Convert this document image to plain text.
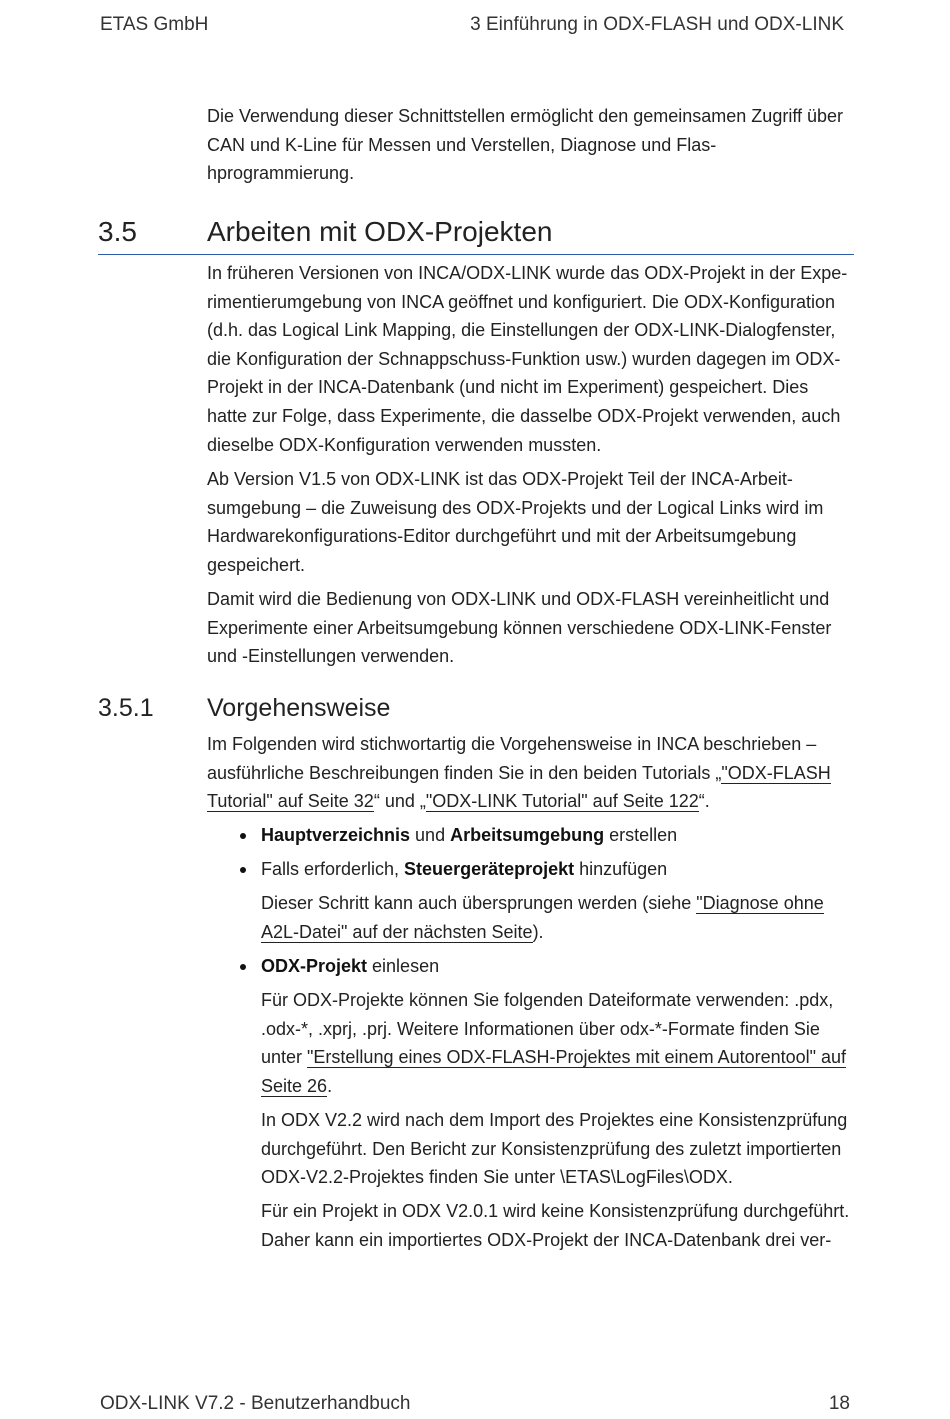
ETAS GmbH	3 Einführung in ODX-FLASH und ODX-LINK

Die Verwendung dieser Schnittstellen ermöglicht den gemeinsamen Zugriff über
CAN und K-Line für Messen und Verstellen, Diagnose und Flas-
hprogrammierung.

3.5	Arbeiten mit ODX-Projekten

In früheren Versionen von INCA/ODX-LINK wurde das ODX-Projekt in der Expe-
rimentierumgebung von INCA geöffnet und konfiguriert. Die ODX-Konfiguration
(d.h. das Logical Link Mapping, die Einstellungen der ODX-LINK-Dialogfenster,
die Konfiguration der Schnappschuss-Funktion usw.) wurden dagegen im ODX-
Projekt in der INCA-Datenbank (und nicht im Experiment) gespeichert. Dies
hatte zur Folge, dass Experimente, die dasselbe ODX-Projekt verwenden, auch
dieselbe ODX-Konfiguration verwenden mussten.

Ab Version V1.5 von ODX-LINK ist das ODX-Projekt Teil der INCA-Arbeit-
sumgebung – die Zuweisung des ODX-Projekts und der Logical Links wird im
Hardwarekonfigurations-Editor durchgeführt und mit der Arbeitsumgebung
gespeichert.

Damit wird die Bedienung von ODX-LINK und ODX-FLASH vereinheitlicht und
Experimente einer Arbeitsumgebung können verschiedene ODX-LINK-Fenster
und -Einstellungen verwenden.

3.5.1 Vorgehensweise

Im Folgenden wird stichwortartig die Vorgehensweise in INCA beschrieben –
ausführliche Beschreibungen finden Sie in den beiden Tutorials „"ODX-FLASH
Tutorial" auf Seite 32“ und „"ODX-LINK Tutorial" auf Seite 122“.

Hauptverzeichnis und Arbeitsumgebung erstellen
Falls erforderlich, Steuergeräteprojekt hinzufügen

Dieser Schritt kann auch übersprungen werden (siehe "Diagnose ohne
A2L-Datei" auf der nächsten Seite).

ODX-Projekt einlesen

Für ODX-Projekte können Sie folgenden Dateiformate verwenden: .pdx,
.odx-*, .xprj, .prj. Weitere Informationen über odx-*-Formate finden Sie
unter "Erstellung eines ODX-FLASH-Projektes mit einem Autorentool" auf
Seite 26.

In ODX V2.2 wird nach dem Import des Projektes eine Konsistenzprüfung
durchgeführt. Den Bericht zur Konsistenzprüfung des zuletzt importierten
ODX-V2.2-Projektes finden Sie unter \ETAS\LogFiles\ODX.

Für ein Projekt in ODX V2.0.1 wird keine Konsistenzprüfung durchgeführt.
Daher kann ein importiertes ODX-Projekt der INCA-Datenbank drei ver-

ODX-LINK V7.2 - Benutzerhandbuch	18
